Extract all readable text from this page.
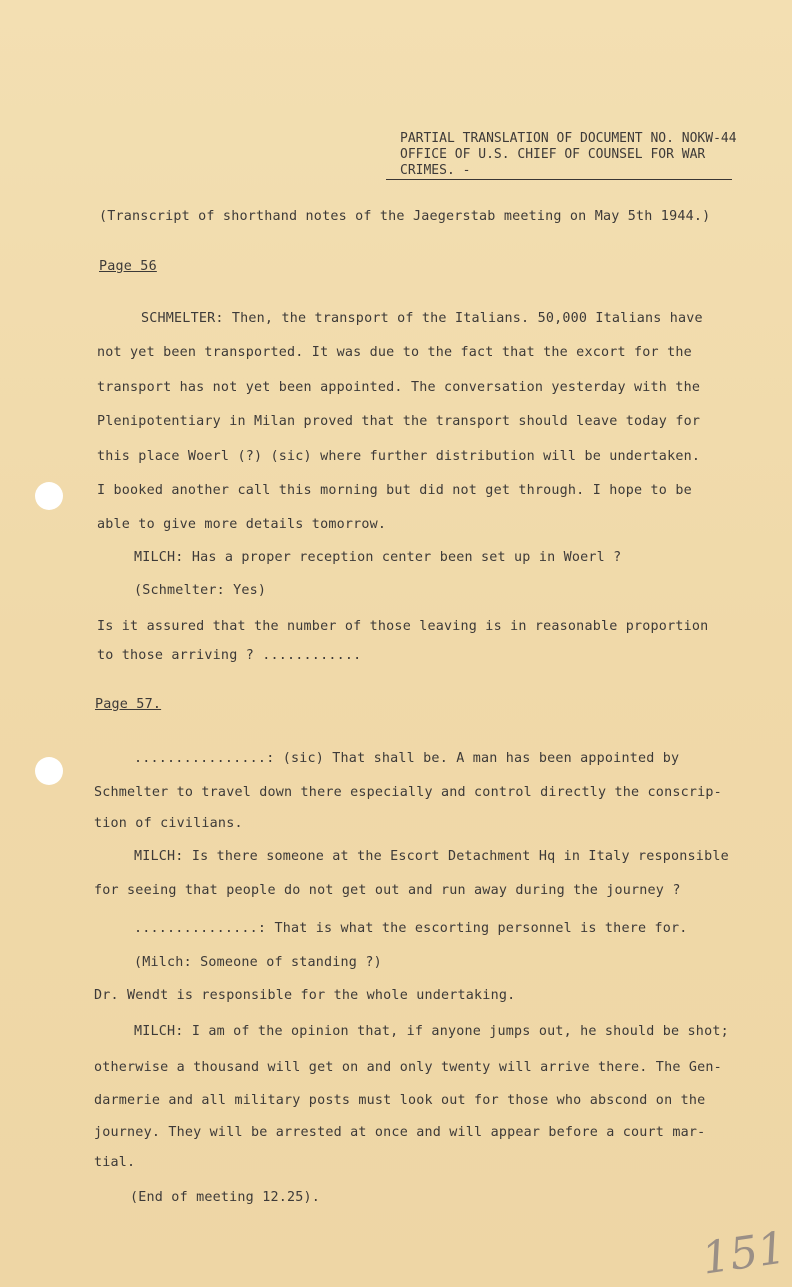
PARTIAL TRANSLATION OF DOCUMENT NO. NOKW-44
OFFICE OF U.S. CHIEF OF COUNSEL FOR WAR
CRIMES. -
(Transcript of shorthand notes of the Jaegerstab meeting on May 5th 1944.)
Page 56
SCHMELTER: Then, the transport of the Italians. 50,000 Italians have
not yet been transported. It was due to the fact that the excort for the
transport has not yet been appointed. The conversation yesterday with the
Plenipotentiary in Milan proved that the transport should leave today for
this place Woerl (?) (sic) where further distribution will be undertaken.
I booked another call this morning but did not get through. I hope to be
able to give more details tomorrow.
MILCH: Has a proper reception center been set up in Woerl ?
(Schmelter: Yes)
Is it assured that the number of those leaving is in reasonable proportion
to those arriving ? ............
Page 57.
................: (sic) That shall be. A man has been appointed by
Schmelter to travel down there especially and control directly the conscrip-
tion of civilians.
MILCH: Is there someone at the Escort Detachment Hq in Italy responsible
for seeing that people do not get out and run away during the journey ?
...............: That is what the escorting personnel is there for.
(Milch: Someone of standing ?)
Dr. Wendt is responsible for the whole undertaking.
MILCH: I am of the opinion that, if anyone jumps out, he should be shot;
otherwise a thousand will get on and only twenty will arrive there. The Gen-
darmerie and all military posts must look out for those who abscond on the
journey. They will be arrested at once and will appear before a court mar-
tial.
(End of meeting 12.25).
151
